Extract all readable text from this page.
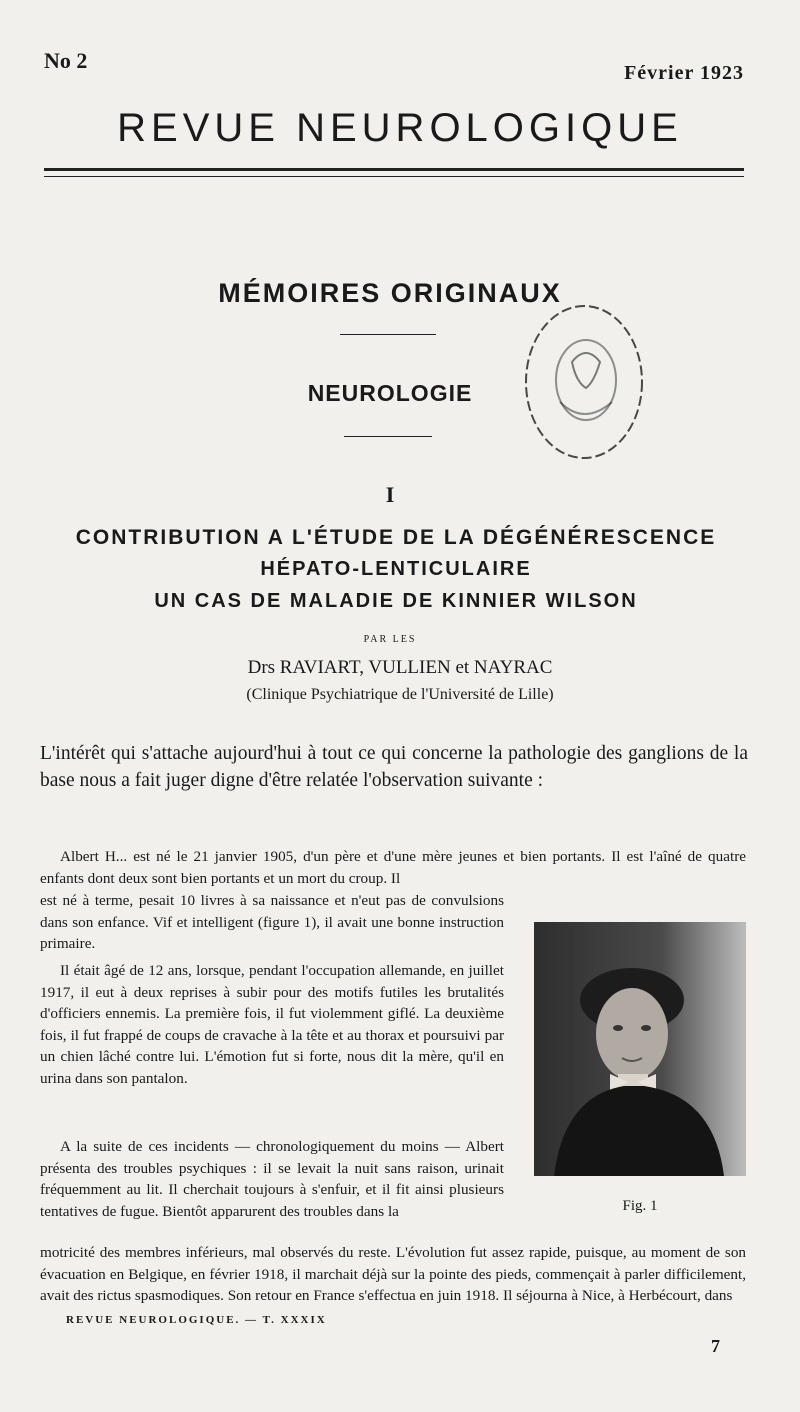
No 2	Février 1923
REVUE NEUROLOGIQUE
MÉMOIRES ORIGINAUX
NEUROLOGIE
I
CONTRIBUTION A L'ÉTUDE DE LA DÉGÉNÉRESCENCE
HÉPATO-LENTICULAIRE
UN CAS DE MALADIE DE KINNIER WILSON
PAR LES
Drs RAVIART, VULLIEN et NAYRAC
(Clinique Psychiatrique de l'Université de Lille)

L'intérêt qui s'attache aujourd'hui à tout ce qui concerne la pathologie des ganglions de la base nous a fait juger digne d'être relatée l'observation suivante :

Albert H... est né le 21 janvier 1905, d'un père et d'une mère jeunes et bien portants. Il est l'aîné de quatre enfants dont deux sont bien portants et un mort du croup. Il

est né à terme, pesait 10 livres à sa naissance et n'eut pas de convulsions dans son enfance. Vif et intelligent (figure 1), il avait une bonne instruction primaire.

Il était âgé de 12 ans, lorsque, pendant l'occupation allemande, en juillet 1917, il eut à deux reprises à subir pour des motifs futiles les brutalités d'officiers ennemis. La première fois, il fut violemment giflé. La deuxième fois, il fut frappé de coups de cravache à la tête et au thorax et poursuivi par un chien lâché contre lui. L'émotion fut si forte, nous dit la mère, qu'il en urina dans son pantalon.

A la suite de ces incidents — chronologiquement du moins — Albert présenta des troubles psychiques : il se levait la nuit sans raison, urinait fréquemment au lit. Il cherchait toujours à s'enfuir, et il fit ainsi plusieurs tentatives de fugue. Bientôt apparurent des troubles dans la

motricité des membres inférieurs, mal observés du reste. L'évolution fut assez rapide, puisque, au moment de son évacuation en Belgique, en février 1918, il marchait déjà sur la pointe des pieds, commençait à parler difficilement, avait des rictus spasmodiques. Son retour en France s'effectua en juin 1918. Il séjourna à Nice, à Herbécourt, dans

Fig. 1
REVUE NEUROLOGIQUE. — T. XXXIX
7
